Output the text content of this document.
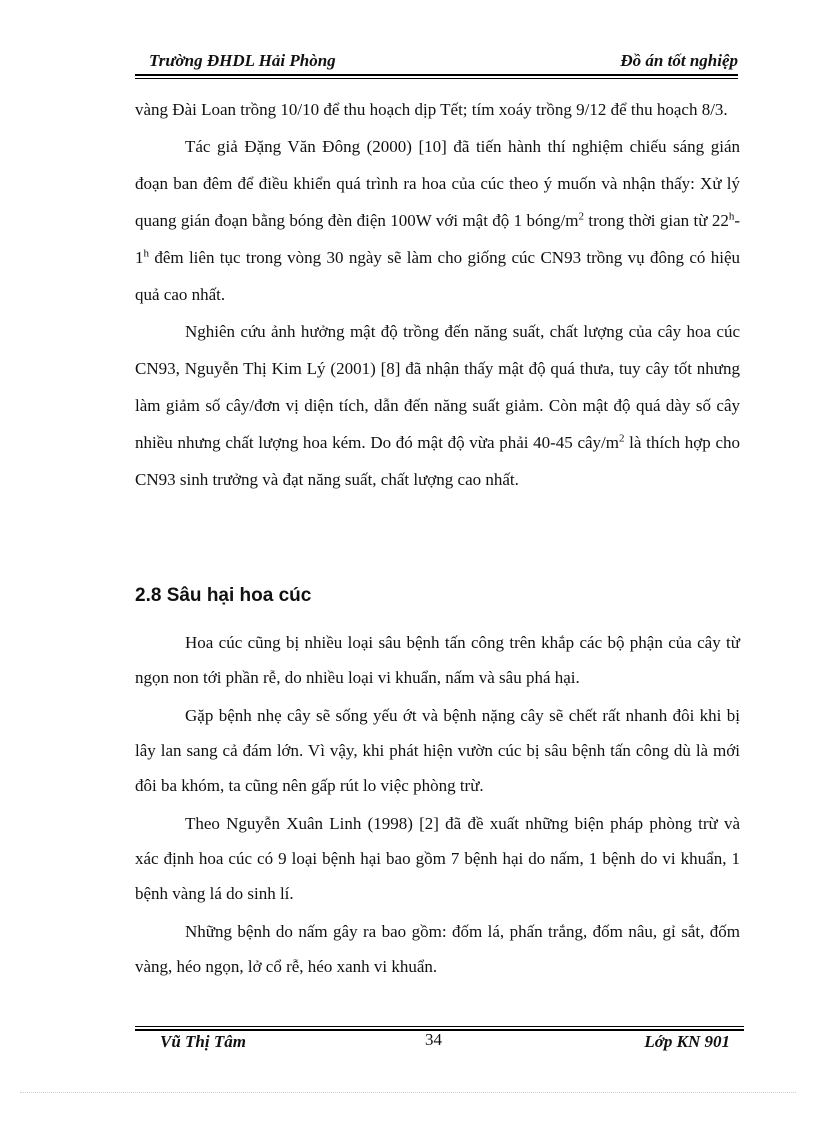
Trường ĐHDL Hải Phòng	Đồ án tốt nghiệp

vàng Đài Loan trồng 10/10 để thu hoạch dịp Tết; tím xoáy trồng 9/12 để thu hoạch 8/3.

Tác giả Đặng Văn Đông (2000) [10] đã tiến hành thí nghiệm chiếu sáng gián đoạn ban đêm để điều khiển quá trình ra hoa của cúc theo ý muốn và nhận thấy: Xử lý quang gián đoạn bằng bóng đèn điện 100W với mật độ 1 bóng/$m^2$ trong thời gian từ 22$^h$-1$^h$ đêm liên tục trong vòng 30 ngày sẽ làm cho giống cúc CN93 trồng vụ đông có hiệu quả cao nhất.

Nghiên cứu ảnh hưởng mật độ trồng đến năng suất, chất lượng của cây hoa cúc CN93, Nguyễn Thị Kim Lý (2001) [8] đã nhận thấy mật độ quá thưa, tuy cây tốt nhưng làm giảm số cây/đơn vị diện tích, dẫn đến năng suất giảm. Còn mật độ quá dày số cây nhiều nhưng chất lượng hoa kém. Do đó mật độ vừa phải 40-45 cây/$m^2$ là thích hợp cho CN93 sinh trưởng và đạt năng suất, chất lượng cao nhất.

2.8 Sâu hại hoa cúc

Hoa cúc cũng bị nhiều loại sâu bệnh tấn công trên khắp các bộ phận của cây từ ngọn non tới phần rễ, do nhiều loại vi khuẩn, nấm và sâu phá hại.

Gặp bệnh nhẹ cây sẽ sống yếu ớt và bệnh nặng cây sẽ chết rất nhanh đôi khi bị lây lan sang cả đám lớn. Vì vậy, khi phát hiện vườn cúc bị sâu bệnh tấn công dù là mới đôi ba khóm, ta cũng nên gấp rút lo việc phòng trừ.

Theo Nguyễn Xuân Linh (1998) [2] đã đề xuất những biện pháp phòng trừ và xác định hoa cúc có 9 loại bệnh hại bao gồm 7 bệnh hại do nấm, 1 bệnh do vi khuẩn, 1 bệnh vàng lá do sinh lí.

Những bệnh do nấm gây ra bao gồm: đốm lá, phấn trắng, đốm nâu, gỉ sắt, đốm vàng, héo ngọn, lở cổ rễ, héo xanh vi khuẩn.

Vũ Thị Tâm	34	Lớp KN 901
